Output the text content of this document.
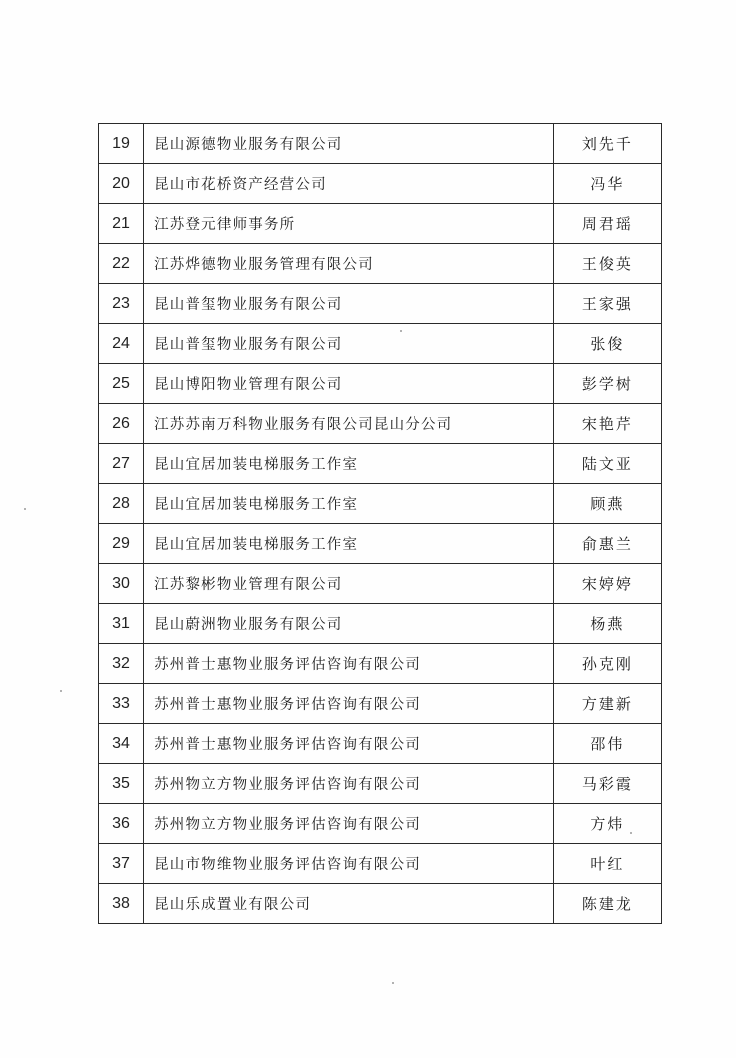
19	昆山源德物业服务有限公司	刘先千
20	昆山市花桥资产经营公司	冯华
21	江苏登元律师事务所	周君瑶
22	江苏烨德物业服务管理有限公司	王俊英
23	昆山普玺物业服务有限公司	王家强
24	昆山普玺物业服务有限公司	张俊
25	昆山博阳物业管理有限公司	彭学树
26	江苏苏南万科物业服务有限公司昆山分公司	宋艳芹
27	昆山宜居加装电梯服务工作室	陆文亚
28	昆山宜居加装电梯服务工作室	顾燕
29	昆山宜居加装电梯服务工作室	俞惠兰
30	江苏黎彬物业管理有限公司	宋婷婷
31	昆山蔚洲物业服务有限公司	杨燕
32	苏州普士惠物业服务评估咨询有限公司	孙克刚
33	苏州普士惠物业服务评估咨询有限公司	方建新
34	苏州普士惠物业服务评估咨询有限公司	邵伟
35	苏州物立方物业服务评估咨询有限公司	马彩霞
36	苏州物立方物业服务评估咨询有限公司	方炜
37	昆山市物维物业服务评估咨询有限公司	叶红
38	昆山乐成置业有限公司	陈建龙
